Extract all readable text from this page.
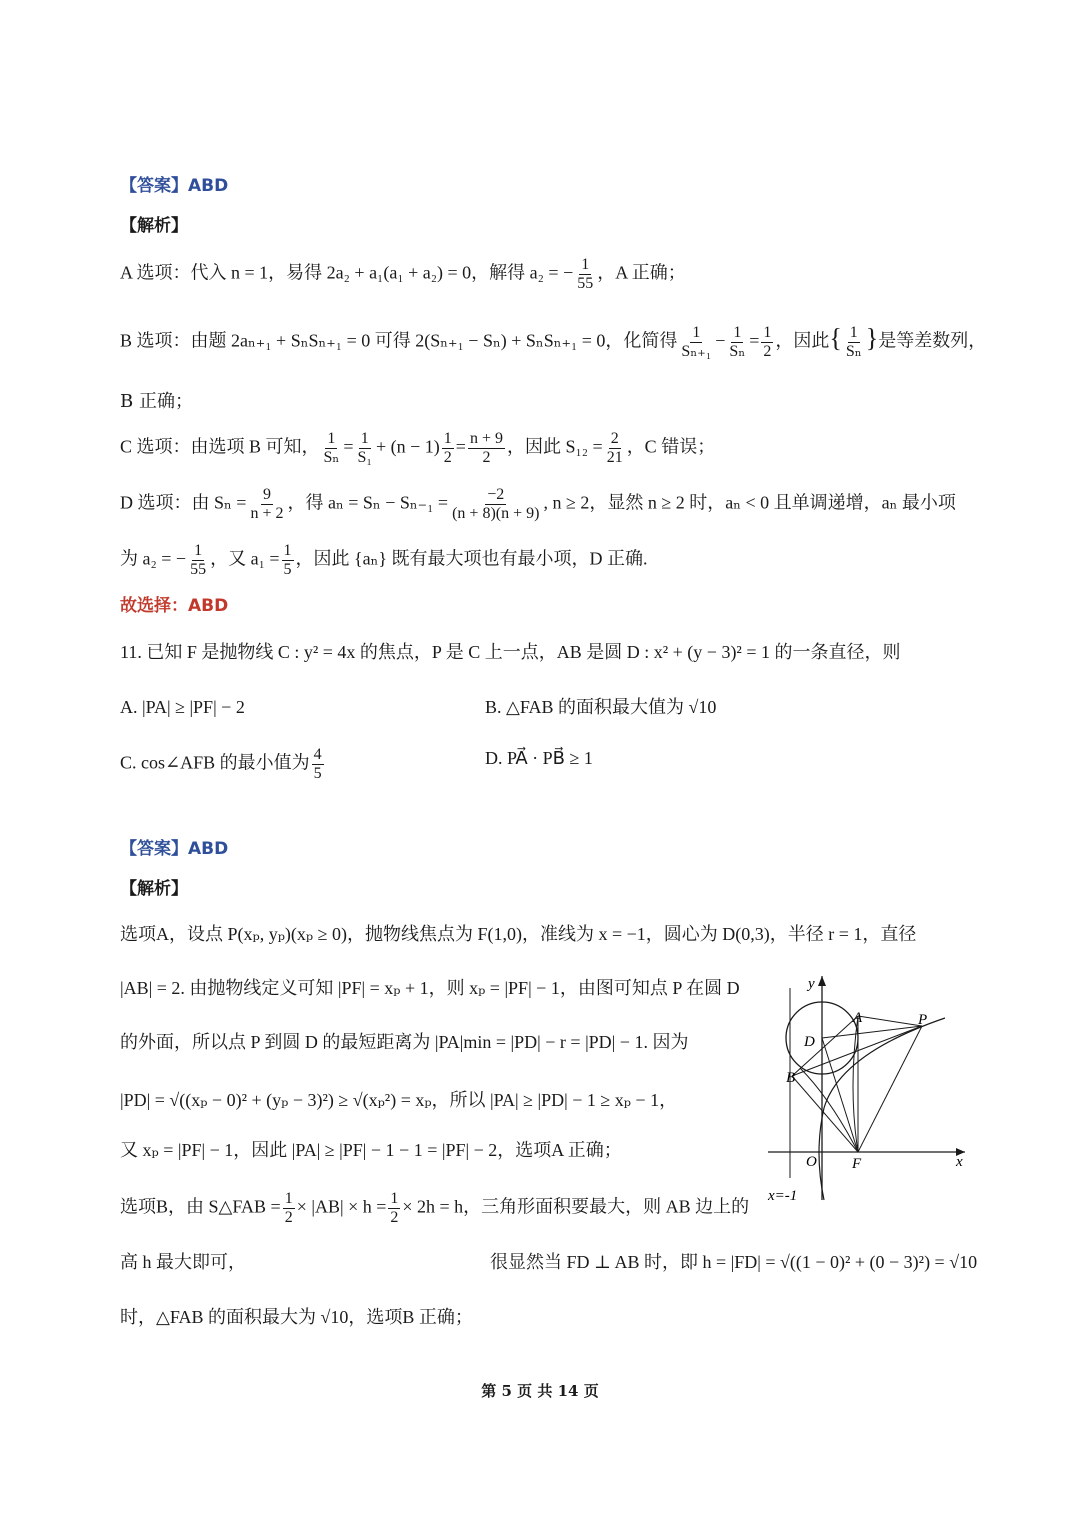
【答案】ABD
【解析】
A 选项：代入 n = 1，易得 2a₂ + a₁(a₁ + a₂) = 0，解得 a₂ = − $\frac{1}{55}$ ，A 正确；
B 选项：由题 2aₙ₊₁ + SₙSₙ₊₁ = 0 可得 2(Sₙ₊₁ − Sₙ) + SₙSₙ₊₁ = 0，化简得 $\frac{1}{\text{Sₙ₊₁}} - \frac{1}{\text{Sₙ}} = \frac{1}{2}$ ，因此{ $\frac{1}{\text{Sₙ}}$ }是等差数列，
B 正确；
C 选项：由选项 B 可知， $\frac{1}{\text{Sₙ}} = \frac{1}{\text{S₁}} + (n - 1) \frac{1}{2} = \frac{n + 9}{2}$ ，因此 $S_{12} = \frac{2}{21}$ ，C 错误；
D 选项：由 $S_n = \frac{9}{n + 2}$ ，得 $a_n = S_n - S_{n-1} = \frac{-2}{(n + 8)(n + 9)}$ , n ≥ 2，显然 n ≥ 2 时，aₙ < 0 且单调递增，aₙ 最小项
为 a₂ = − $\frac{1}{55}$ ，又 $a_1 = \frac{1}{5}$ ，因此 {aₙ} 既有最大项也有最小项，D 正确.
故选择：ABD
11. 已知 F 是抛物线 C : y² = 4x 的焦点，P 是 C 上一点，AB 是圆 D : x² + (y − 3)² = 1 的一条直径，则
A. |PA| ≥ |PF| − 2	B. △FAB 的面积最大值为 √10
C. cos∠AFB 的最小值为 $\frac{4}{5}$	D. PA⃗ · PB⃗ ≥ 1
【答案】ABD
【解析】
选项A，设点 P(xₚ, yₚ)(xₚ ≥ 0)，抛物线焦点为 F(1,0)，准线为 x = −1，圆心为 D(0,3)，半径 r = 1，直径
|AB| = 2. 由抛物线定义可知 |PF| = xₚ + 1，则 xₚ = |PF| − 1，由图可知点 P 在圆 D
的外面，所以点 P 到圆 D 的最短距离为 |PA|min = |PD| − r = |PD| − 1. 因为
|PD| = √((xₚ − 0)² + (yₚ − 3)²) ≥ √(xₚ²) = xₚ，所以 |PA| ≥ |PD| − 1 ≥ xₚ − 1，
又 xₚ = |PF| − 1，因此 |PA| ≥ |PF| − 1 − 1 = |PF| − 2，选项A 正确；
选项B，由 S△FAB = $\frac{1}{2} \times |AB| \times h = \frac{1}{2} \times 2h = h$，三角形面积要最大，则 AB 边上的
高 h 最大即可，	很显然当 FD ⊥ AB 时，即 h = |FD| = √((1 − 0)² + (0 − 3)²) = √10
时，△FAB 的面积最大为 √10，选项B 正确；
y
x
D
A	P
B
O F
x=-1
第 5 页 共 14 页
